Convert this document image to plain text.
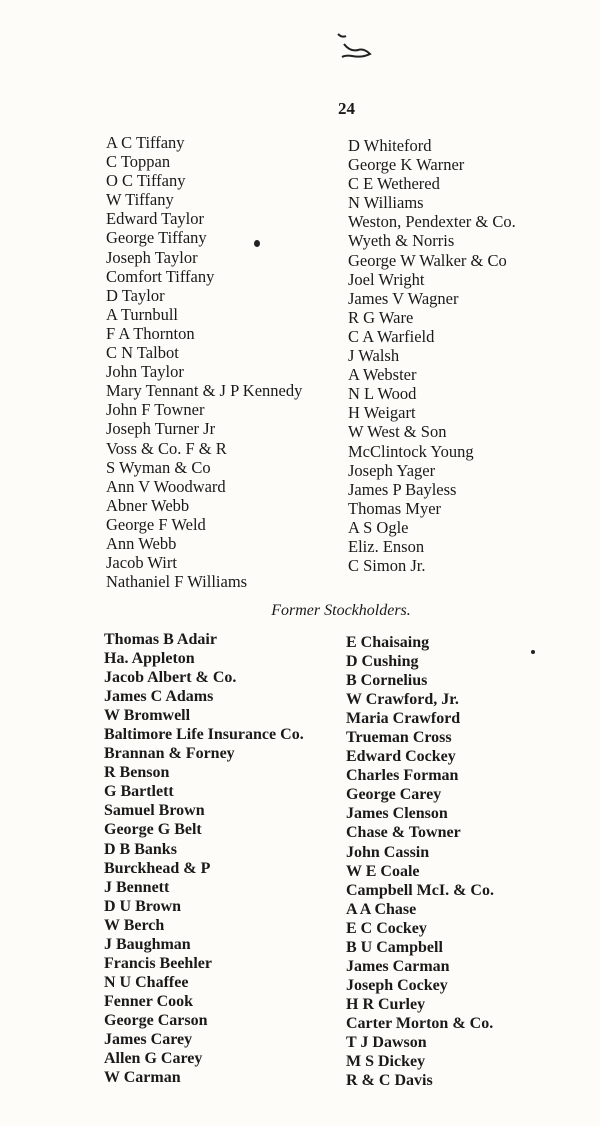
24
A C Tiffany
C Toppan
O C Tiffany
W Tiffany
Edward Taylor
George Tiffany
Joseph Taylor
Comfort Tiffany
D Taylor
A Turnbull
F A Thornton
C N Talbot
John Taylor
Mary Tennant & J P Kennedy
John F Towner
Joseph Turner Jr
Voss & Co. F & R
S Wyman & Co
Ann V Woodward
Abner Webb
George F Weld
Ann Webb
Jacob Wirt
Nathaniel F Williams
D Whiteford
George K Warner
C E Wethered
N Williams
Weston, Pendexter & Co.
Wyeth & Norris
George W Walker & Co
Joel Wright
James V Wagner
R G Ware
C A Warfield
J Walsh
A Webster
N L Wood
H Weigart
W West & Son
McClintock Young
Joseph Yager
James P Bayless
Thomas Myer
A S Ogle
Eliz. Enson
C Simon Jr.
Former Stockholders.
Thomas B Adair
Ha. Appleton
Jacob Albert & Co.
James C Adams
W Bromwell
Baltimore Life Insurance Co.
Brannan & Forney
R Benson
G Bartlett
Samuel Brown
George G Belt
D B Banks
Burckhead & P
J Bennett
D U Brown
W Berch
J Baughman
Francis Beehler
N U Chaffee
Fenner Cook
George Carson
James Carey
Allen G Carey
W Carman
E Chaisaing
D Cushing
B Cornelius
W Crawford, Jr.
Maria Crawford
Trueman Cross
Edward Cockey
Charles Forman
George Carey
James Clenson
Chase & Towner
John Cassin
W E Coale
Campbell McI. & Co.
A A Chase
E C Cockey
B U Campbell
James Carman
Joseph Cockey
H R Curley
Carter Morton & Co.
T J Dawson
M S Dickey
R & C Davis
